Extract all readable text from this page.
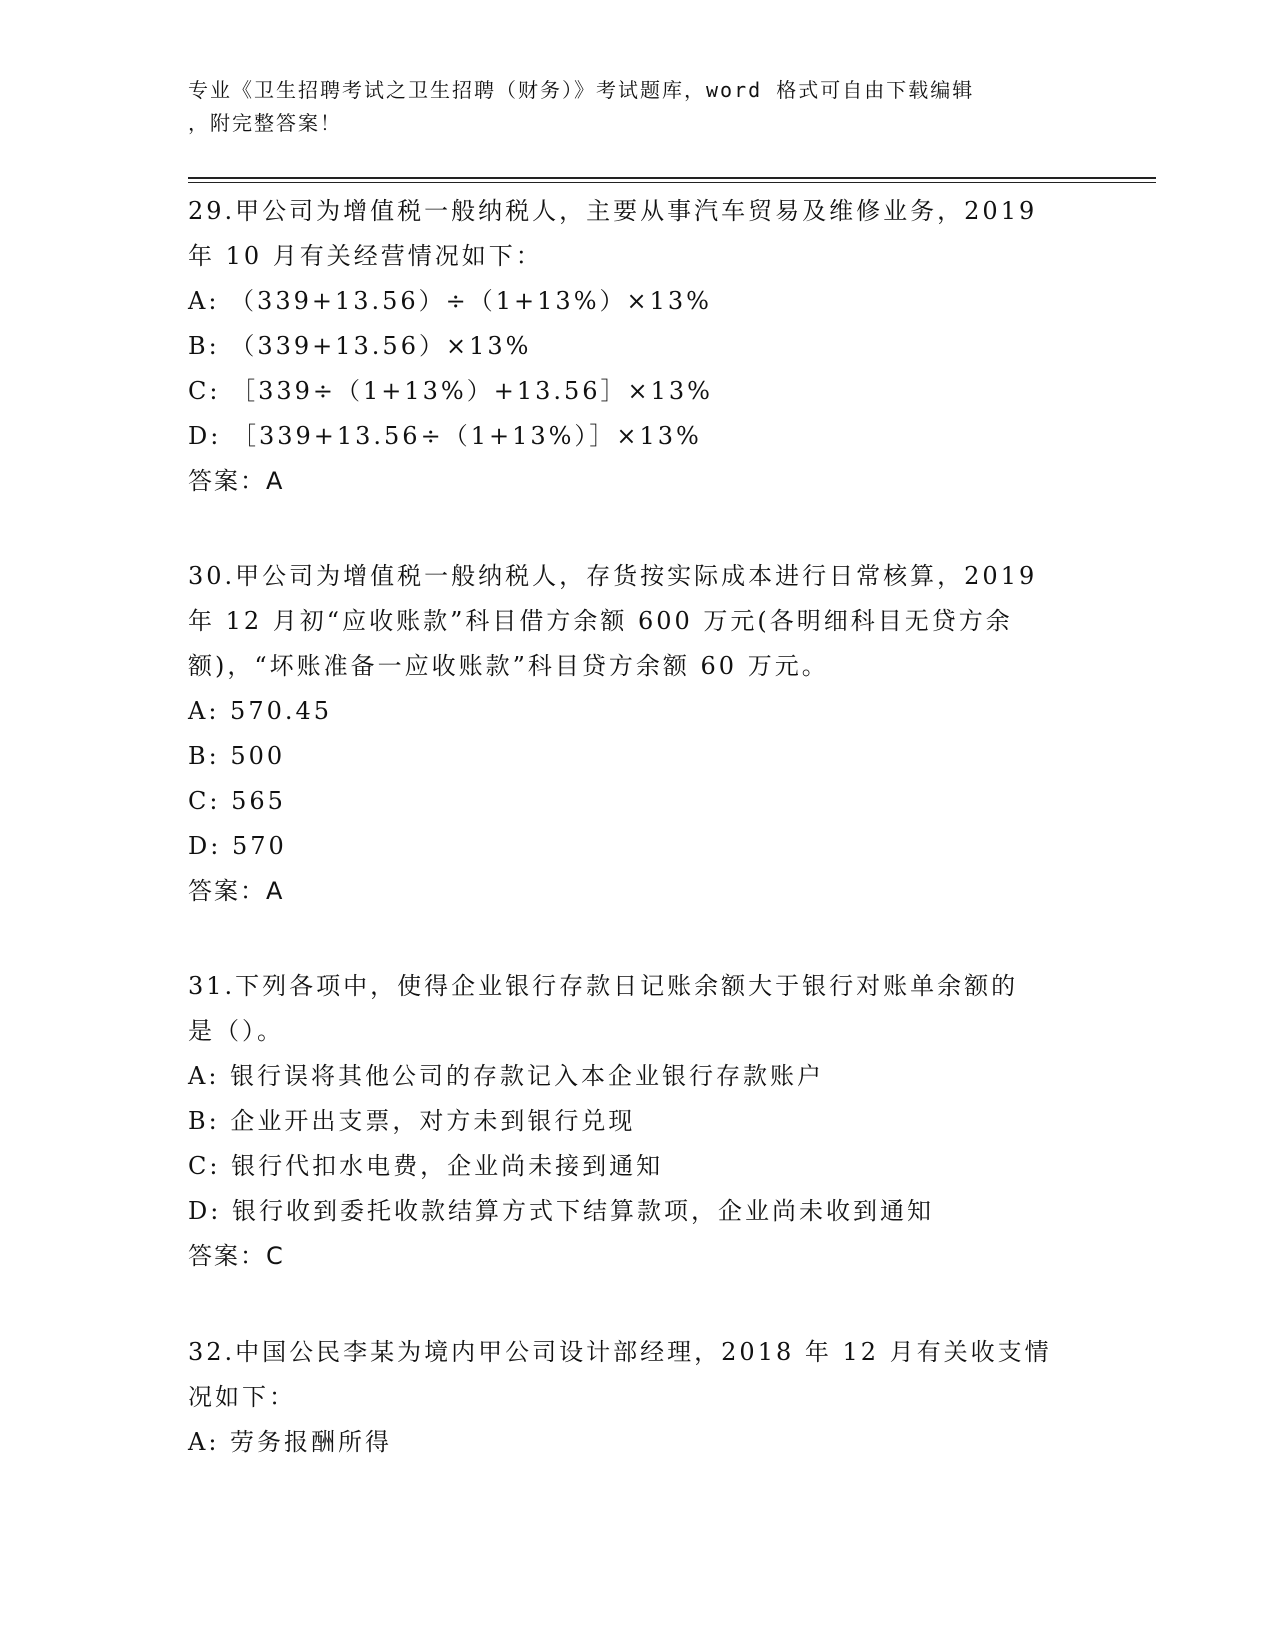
专业《卫生招聘考试之卫生招聘（财务）》考试题库，word 格式可自由下载编辑
，附完整答案！
29.甲公司为增值税一般纳税人，主要从事汽车贸易及维修业务，2019
年 10 月有关经营情况如下：
A: （339+13.56）÷（1+13%）×13%
B: （339+13.56）×13%
C: ［339÷（1+13%）+13.56］×13%
D: ［339+13.56÷（1+13%）］×13%
答案：A
30.甲公司为增值税一般纳税人，存货按实际成本进行日常核算，2019
年 12 月初“应收账款”科目借方余额 600 万元(各明细科目无贷方余
额)，“坏账准备一应收账款”科目贷方余额 60 万元。
A: 570.45
B: 500
C: 565
D: 570
答案：A
31.下列各项中，使得企业银行存款日记账余额大于银行对账单余额的
是（）。
A: 银行误将其他公司的存款记入本企业银行存款账户
B: 企业开出支票，对方未到银行兑现
C: 银行代扣水电费，企业尚未接到通知
D: 银行收到委托收款结算方式下结算款项，企业尚未收到通知
答案：C
32.中国公民李某为境内甲公司设计部经理，2018 年 12 月有关收支情
况如下：
A: 劳务报酬所得
